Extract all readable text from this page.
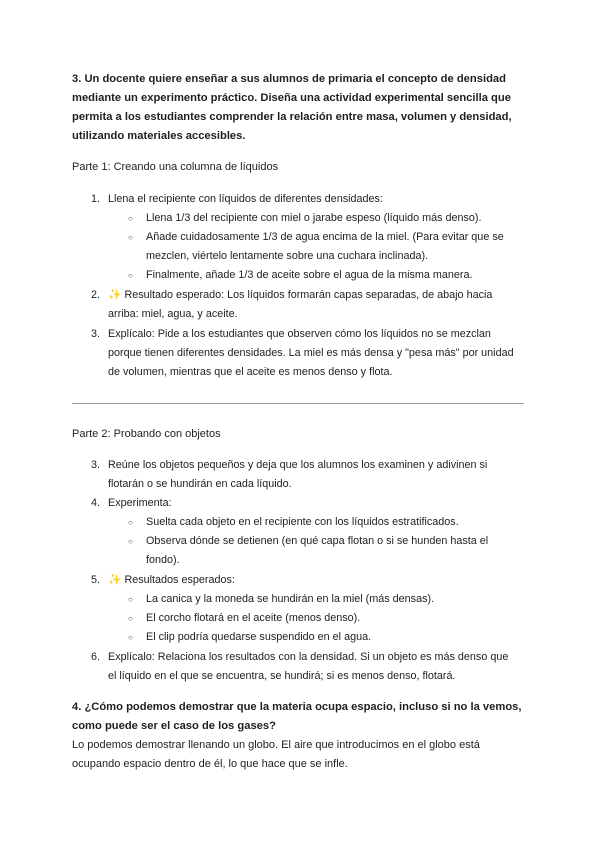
3. Un docente quiere enseñar a sus alumnos de primaria el concepto de densidad
mediante un experimento práctico. Diseña una actividad experimental sencilla que
permita a los estudiantes comprender la relación entre masa, volumen y densidad,
utilizando materiales accesibles.
Parte 1: Creando una columna de líquidos
1. Llena el recipiente con líquidos de diferentes densidades:
○ Llena 1/3 del recipiente con miel o jarabe espeso (líquido más denso).
○ Añade cuidadosamente 1/3 de agua encima de la miel. (Para evitar que se
mezclen, viértelo lentamente sobre una cuchara inclinada).
○ Finalmente, añade 1/3 de aceite sobre el agua de la misma manera.
2. ✨ Resultado esperado: Los líquidos formarán capas separadas, de abajo hacia
arriba: miel, agua, y aceite.
3. Explícalo: Pide a los estudiantes que observen cómo los líquidos no se mezclan
porque tienen diferentes densidades. La miel es más densa y "pesa más" por unidad
de volumen, mientras que el aceite es menos denso y flota.
Parte 2: Probando con objetos
3. Reúne los objetos pequeños y deja que los alumnos los examinen y adivinen si
flotarán o se hundirán en cada líquido.
4. Experimenta:
○ Suelta cada objeto en el recipiente con los líquidos estratificados.
○ Observa dónde se detienen (en qué capa flotan o si se hunden hasta el
fondo).
5. ✨ Resultados esperados:
○ La canica y la moneda se hundirán en la miel (más densas).
○ El corcho flotará en el aceite (menos denso).
○ El clip podría quedarse suspendido en el agua.
6. Explícalo: Relaciona los resultados con la densidad. Si un objeto es más denso que
el líquido en el que se encuentra, se hundirá; si es menos denso, flotará.
4. ¿Cómo podemos demostrar que la materia ocupa espacio, incluso si no la vemos,
como puede ser el caso de los gases?
Lo podemos demostrar llenando un globo. El aire que introducimos en el globo está
ocupando espacio dentro de él, lo que hace que se infle.
